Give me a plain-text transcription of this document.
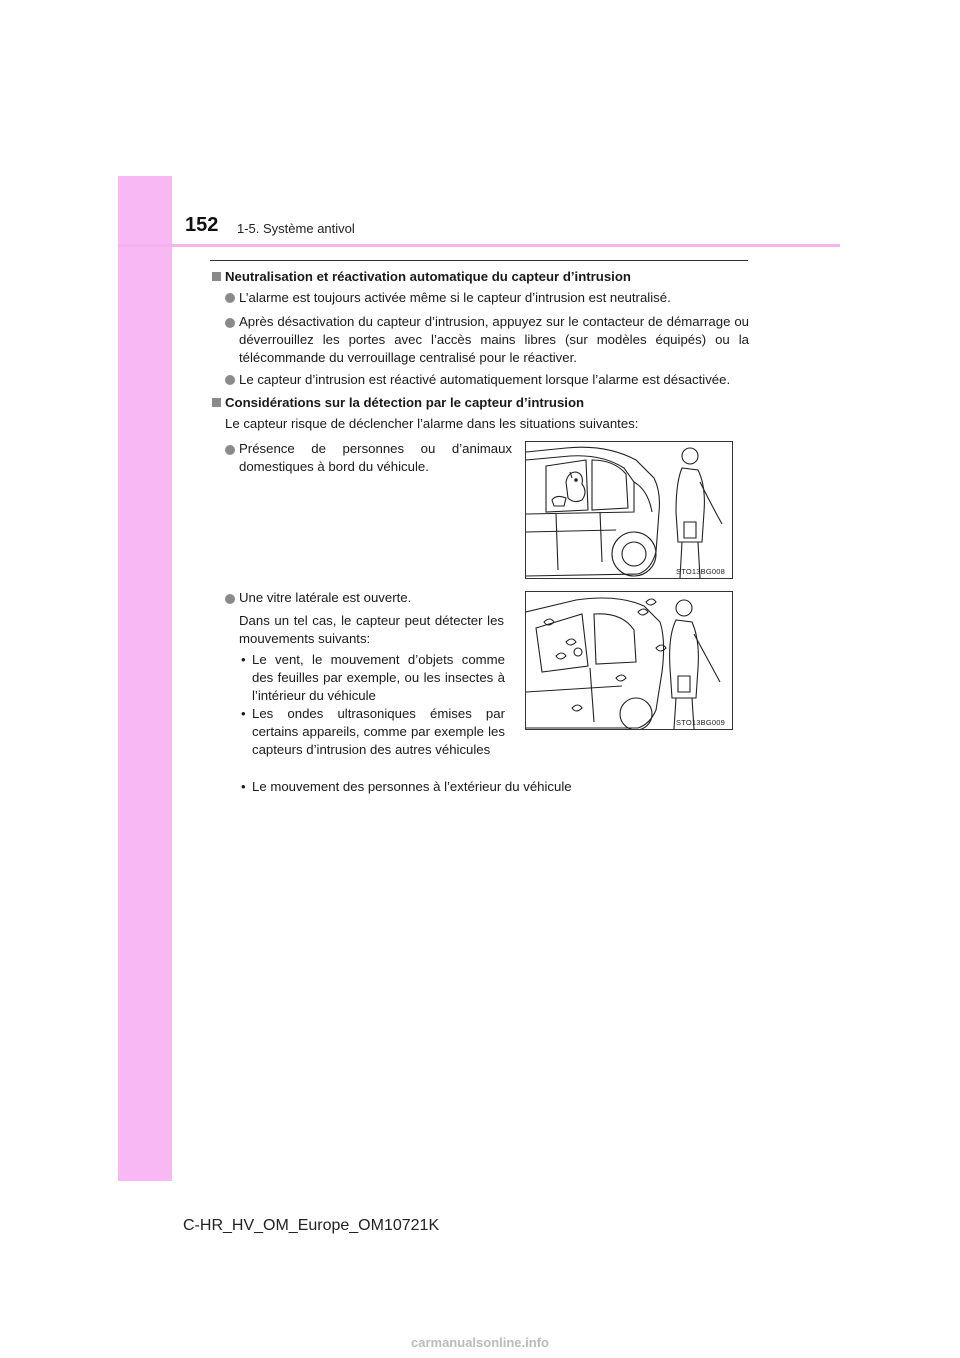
152 1-5. Système antivol
Neutralisation et réactivation automatique du capteur d’intrusion
L’alarme est toujours activée même si le capteur d’intrusion est neutralisé.
Après désactivation du capteur d’intrusion, appuyez sur le contacteur de démarrage ou déverrouillez les portes avec l’accès mains libres (sur modèles équipés) ou la télécommande du verrouillage centralisé pour le réactiver.
Le capteur d’intrusion est réactivé automatiquement lorsque l’alarme est désactivée.
Considérations sur la détection par le capteur d’intrusion
Le capteur risque de déclencher l’alarme dans les situations suivantes:
Présence de personnes ou d’animaux domestiques à bord du véhicule.
STO13BG008
Une vitre latérale est ouverte.
Dans un tel cas, le capteur peut détecter les mouvements suivants:
• Le vent, le mouvement d’objets comme des feuilles par exemple, ou les insectes à l’intérieur du véhicule
• Les ondes ultrasoniques émises par certains appareils, comme par exemple les capteurs d’intrusion des autres véhicules
• Le mouvement des personnes à l’extérieur du véhicule
STO13BG009
C-HR_HV_OM_Europe_OM10721K
carmanualsonline.info
